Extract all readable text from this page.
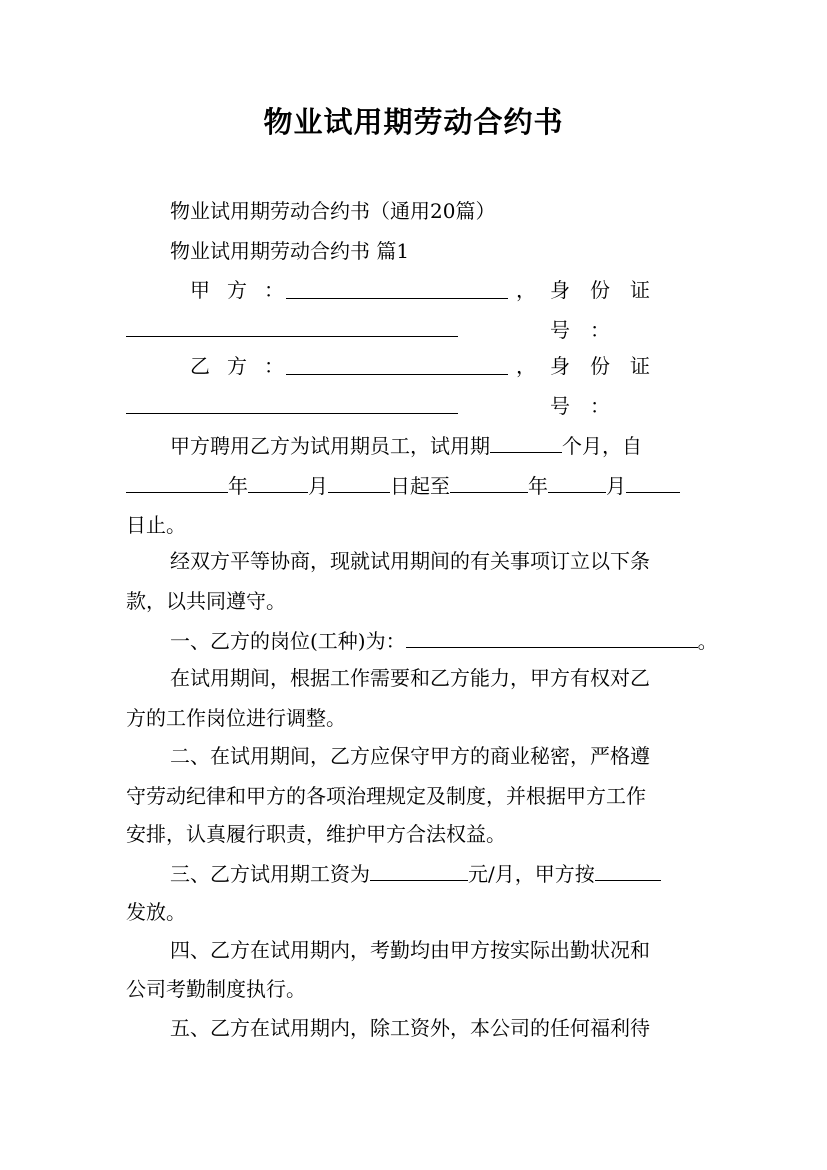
物业试用期劳动合约书
物业试用期劳动合约书（通用20篇）
物业试用期劳动合约书 篇1
甲方：	， 身份证号：
乙方：	， 身份证号：
甲方聘用乙方为试用期员工，试用期	个月，自
年	月	日起至	年	月
日止。
经双方平等协商，现就试用期间的有关事项订立以下条
款，以共同遵守。
一、乙方的岗位(工种)为：	。
在试用期间，根据工作需要和乙方能力，甲方有权对乙
方的工作岗位进行调整。
二、在试用期间，乙方应保守甲方的商业秘密，严格遵
守劳动纪律和甲方的各项治理规定及制度，并根据甲方工作
安排，认真履行职责，维护甲方合法权益。
三、乙方试用期工资为	元/月，甲方按
发放。
四、乙方在试用期内，考勤均由甲方按实际出勤状况和
公司考勤制度执行。
五、乙方在试用期内，除工资外，本公司的任何福利待
